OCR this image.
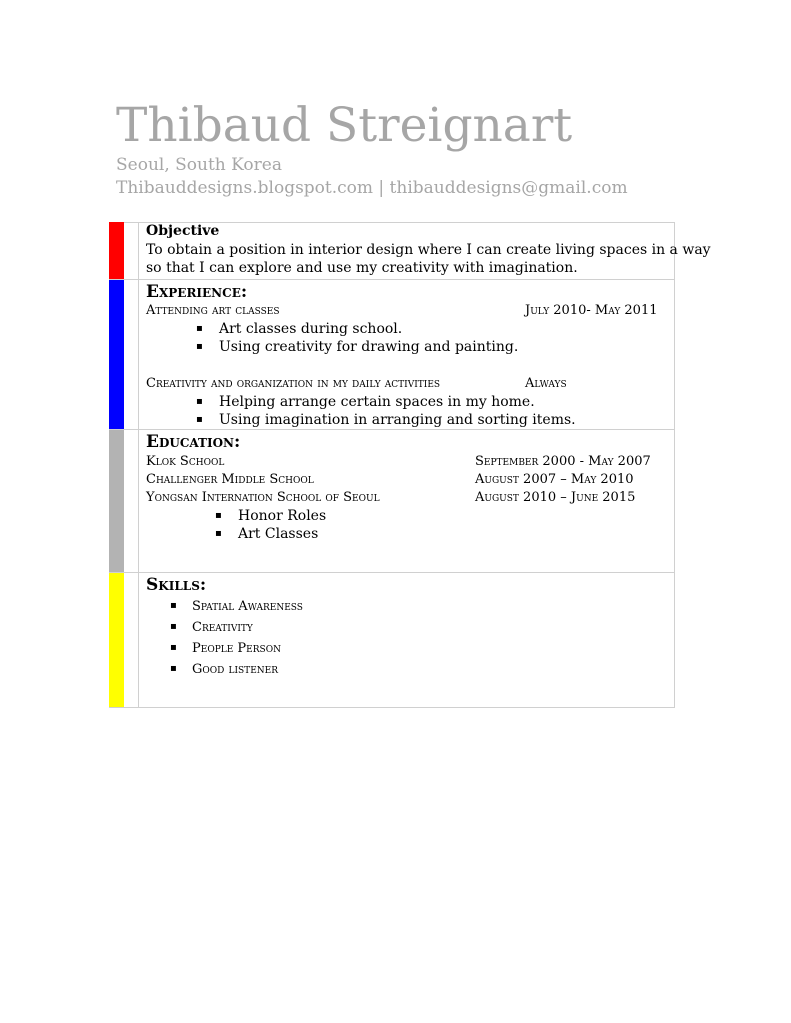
Thibaud Streignart
Seoul, South Korea
Thibauddesigns.blogspot.com | thibauddesigns@gmail.com
Objective
To obtain a position in interior design where I can create living spaces in a way
so that I can explore and use my creativity with imagination.
Experience:
Attending art classes	July 2010- May 2011
▪ Art classes during school.
▪ Using creativity for drawing and painting.
Creativity and organization in my daily activities	Always
▪ Helping arrange certain spaces in my home.
▪ Using imagination in arranging and sorting items.
Education:
Klok School	September 2000 - May 2007
Challenger Middle School	August 2007 – May 2010
Yongsan Internation School of Seoul	August 2010 – June 2015
▪ Honor Roles
▪ Art Classes
Skills:
▪ Spatial Awareness
▪ Creativity
▪ People Person
▪ Good listener
